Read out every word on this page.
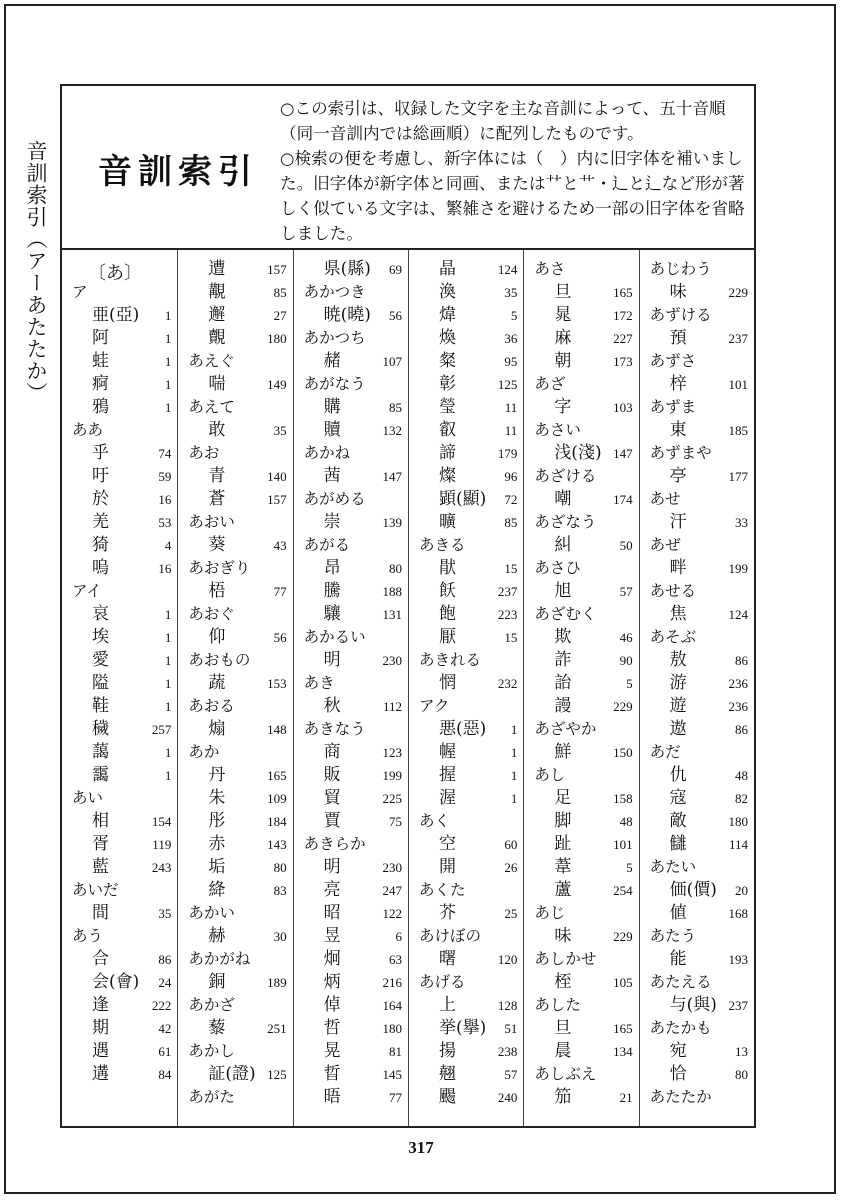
音訓索引（アーあたたか） 音訓索引

○この索引は、収録した文字を主な音訓によって、五十音順（同一音訓内では総画順）に配列したものです。

○検索の便を考慮し、新字体には（　）内に旧字体を補いました。旧字体が新字体と同画、または⺿と⺾・⻌と⻍など形が著しく似ている文字は、繁雑さを避けるため一部の旧字体を省略しました。

〔あ〕
ア
亜(亞) 1
阿	1
蛙	1
痾	1
鴉	1
ああ
乎	74
吁	59
於	16
羌	53
猗	4
嗚	16
アイ
哀	1
埃	1
愛	1
隘	1
鞋	1
穢	257
藹	1
靄	1
あい
相	154
胥	119
藍	243
あいだ
間	35
あう
合	86
会(會) 24
逢	222
期	42
遇	61
遘	84
遭	157
覯	85
邂	27
覿	180
あえぐ
喘	149
あえて
敢	35
あお
青	140
蒼	157
あおい
葵	43
あおぎり
梧	77
あおぐ
仰	56
あおもの
蔬	153
あおる
煽	148
あか
丹	165
朱	109
彤	184
赤	143
垢	80
絳	83
あかい
赫	30
あかがね
銅	189
あかざ
藜	251
あかし
証(證) 125
あがた
県(縣) 69
あかつき
暁(曉) 56
あかつち
赭	107
あがなう
購	85
贖	132
あかね
茜	147
あがめる
崇	139
あがる
昂	80
騰	188
驤	131
あかるい
明	230
あき
秋	112
あきなう
商	123
販	199
貿	225
賈	75
あきらか
明	230
亮	247
昭	122
昱	6
炯	63
炳	216
倬	164
哲	180
晃	81
晢	145
晤	77
晶	124
渙	35
煒	5
煥	36
粲	95
彰	125
瑩	11
叡	11
諦	179
燦	96
顕(顯) 72
曠	85
あきる
猒	15
飫	237
飽	223
厭	15
あきれる
惘	232
アク
悪(惡) 1
幄	1
握	1
渥	1
あく
空	60
開	26
あくた
芥	25
あけぼの
曙	120
あげる
上	128
挙(擧) 51
揚	238
翹	57
颺	240
あさ
旦	165
晁	172
麻	227
朝	173
あざ
字	103
あさい
浅(淺) 147
あざける
嘲	174
あざなう
糾	50
あさひ
旭	57
あざむく
欺	46
詐	90
詒	5
謾	229
あざやか
鮮	150
あし
足	158
脚	48
趾	101
葦	5
蘆	254
あじ
味	229
あしかせ
桎	105
あした
旦	165
晨	134
あしぶえ
笳	21
あじわう
味	229
あずける
預	237
あずさ
梓	101
あずま
東	185
あずまや
亭	177
あせ
汗	33
あぜ
畔	199
あせる
焦	124
あそぶ
敖	86
游	236
遊	236
遨	86
あだ
仇	48
寇	82
敵	180
讎	114
あたい
価(價) 20
値	168
あたう
能	193
あたえる
与(與) 237
あたかも
宛	13
恰	80
あたたか
317
